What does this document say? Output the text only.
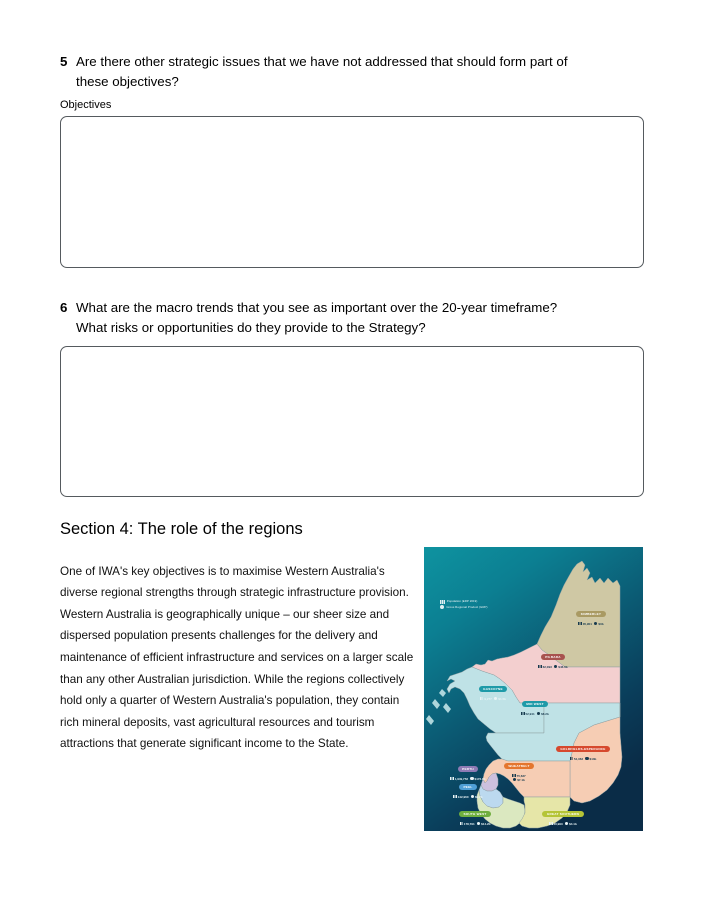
5 Are there other strategic issues that we have not addressed that should form part of
these objectives?
Objectives
6 What are the macro trends that you see as important over the 20-year timeframe?
What risks or opportunities do they provide to the Strategy?
Section 4: The role of the regions

One of IWA's key objectives is to maximise Western Australia's diverse regional strengths through strategic infrastructure provision. Western Australia is geographically unique – our sheer size and dispersed population presents challenges for the delivery and maintenance of efficient infrastructure and services on a larger scale than any other Australian jurisdiction. While the regions collectively hold only a quarter of Western Australia's population, they contain rich mineral deposits, vast agricultural resources and tourism attractions that generate significant income to the State.

Population (ERP 2019)
Gross Regional Product (GRP)
KIMBERLEY
35,901 $3b
PILBARA
62,093 $46.0b
GASCOYNE
9,277 $1.5b
MID WEST
52,941 $8.2b
GOLDFIELDS-ESPERANCE
54,363 $13b
PERTH
1,949,752 $172.8b
PEEL
142,960 $9.2b
WHEATBELT
75,637
$7.1b
SOUTH WEST
178,791 $14.2b
GREAT SOUTHERN
60,993 $4.1b
